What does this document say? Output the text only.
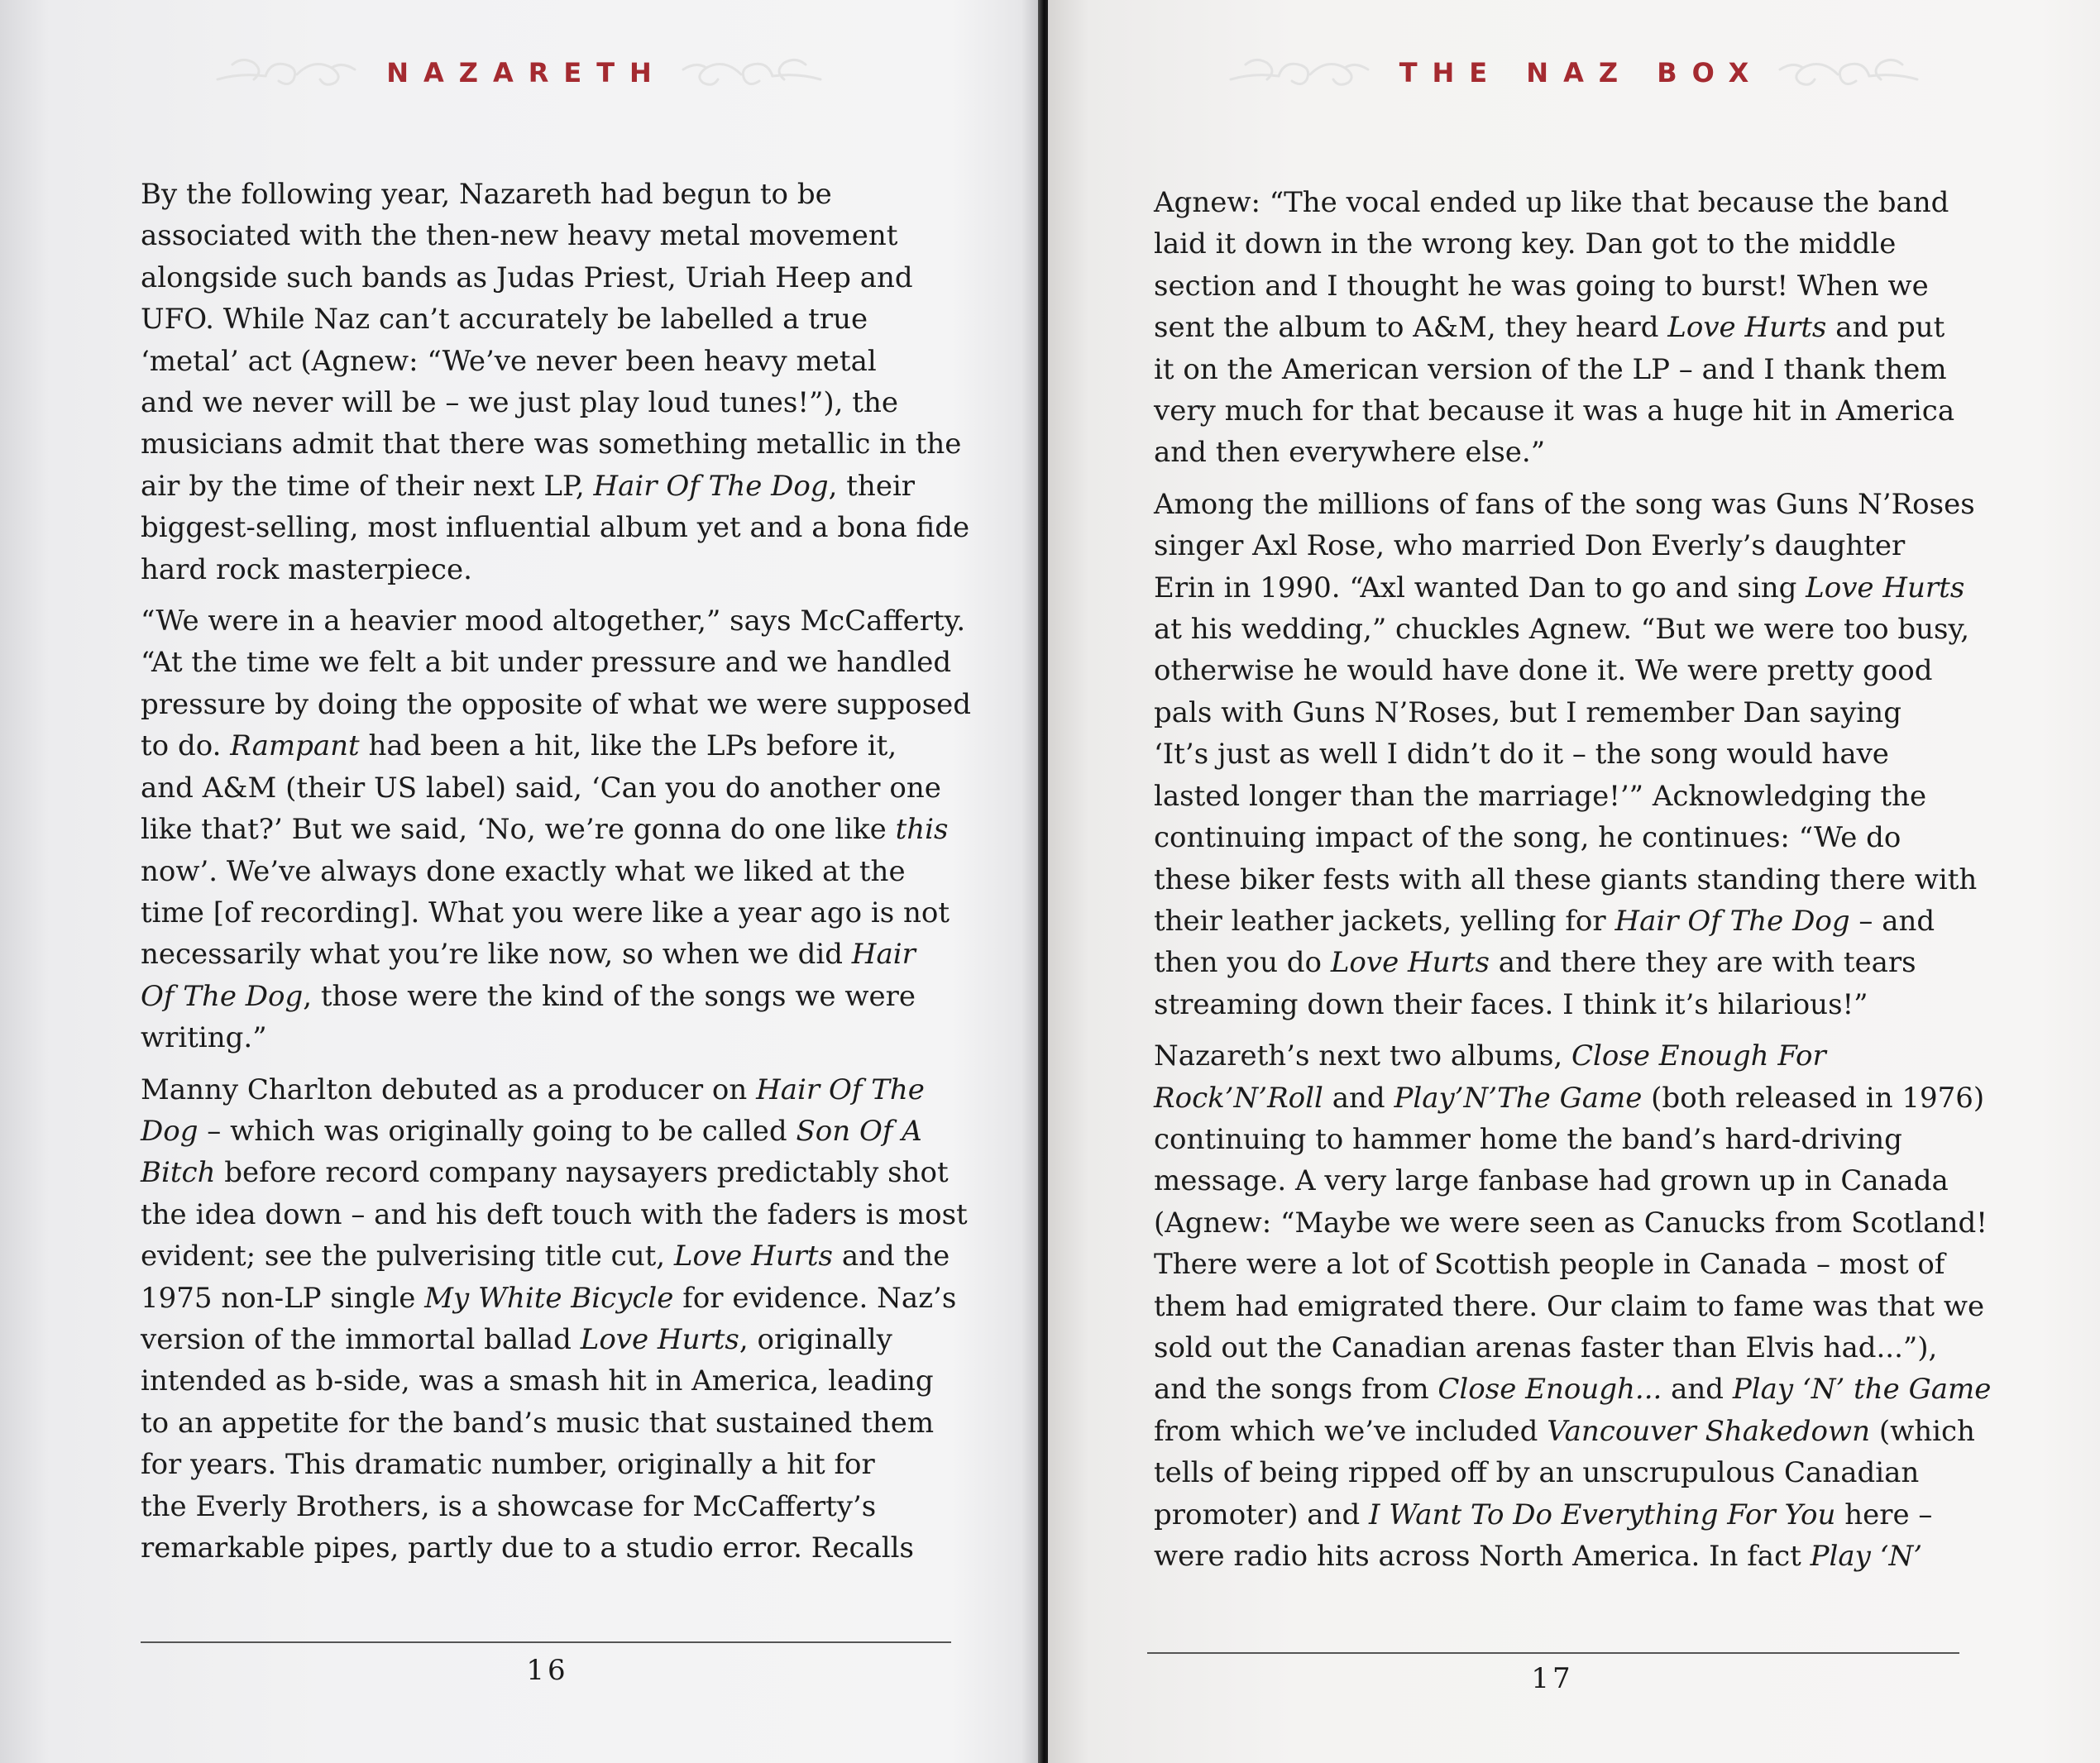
NAZARETH

By the following year, Nazareth had begun to be
associated with the then-new heavy metal movement
alongside such bands as Judas Priest, Uriah Heep and
UFO. While Naz can’t accurately be labelled a true
‘metal’ act (Agnew: “We’ve never been heavy metal
and we never will be – we just play loud tunes!”), the
musicians admit that there was something metallic in the
air by the time of their next LP, Hair Of The Dog, their
biggest-selling, most influential album yet and a bona fide
hard rock masterpiece.

“We were in a heavier mood altogether,” says McCafferty.
“At the time we felt a bit under pressure and we handled
pressure by doing the opposite of what we were supposed
to do. Rampant had been a hit, like the LPs before it,
and A&M (their US label) said, ‘Can you do another one
like that?’ But we said, ‘No, we’re gonna do one like this
now’. We’ve always done exactly what we liked at the
time [of recording]. What you were like a year ago is not
necessarily what you’re like now, so when we did Hair
Of The Dog, those were the kind of the songs we were
writing.”

Manny Charlton debuted as a producer on Hair Of The
Dog – which was originally going to be called Son Of A
Bitch before record company naysayers predictably shot
the idea down – and his deft touch with the faders is most
evident; see the pulverising title cut, Love Hurts and the
1975 non-LP single My White Bicycle for evidence. Naz’s
version of the immortal ballad Love Hurts, originally
intended as b-side, was a smash hit in America, leading
to an appetite for the band’s music that sustained them
for years. This dramatic number, originally a hit for
the Everly Brothers, is a showcase for McCafferty’s
remarkable pipes, partly due to a studio error. Recalls

16
THE NAZ BOX

Agnew: “The vocal ended up like that because the band
laid it down in the wrong key. Dan got to the middle
section and I thought he was going to burst! When we
sent the album to A&M, they heard Love Hurts and put
it on the American version of the LP – and I thank them
very much for that because it was a huge hit in America
and then everywhere else.”

Among the millions of fans of the song was Guns N’Roses
singer Axl Rose, who married Don Everly’s daughter
Erin in 1990. “Axl wanted Dan to go and sing Love Hurts
at his wedding,” chuckles Agnew. “But we were too busy,
otherwise he would have done it. We were pretty good
pals with Guns N’Roses, but I remember Dan saying
‘It’s just as well I didn’t do it – the song would have
lasted longer than the marriage!’” Acknowledging the
continuing impact of the song, he continues: “We do
these biker fests with all these giants standing there with
their leather jackets, yelling for Hair Of The Dog – and
then you do Love Hurts and there they are with tears
streaming down their faces. I think it’s hilarious!”

Nazareth’s next two albums, Close Enough For
Rock’N’Roll and Play’N’The Game (both released in 1976)
continuing to hammer home the band’s hard-driving
message. A very large fanbase had grown up in Canada
(Agnew: “Maybe we were seen as Canucks from Scotland!
There were a lot of Scottish people in Canada – most of
them had emigrated there. Our claim to fame was that we
sold out the Canadian arenas faster than Elvis had...”),
and the songs from Close Enough... and Play ‘N’ the Game
from which we’ve included Vancouver Shakedown (which
tells of being ripped off by an unscrupulous Canadian
promoter) and I Want To Do Everything For You here –
were radio hits across North America. In fact Play ‘N’

17
